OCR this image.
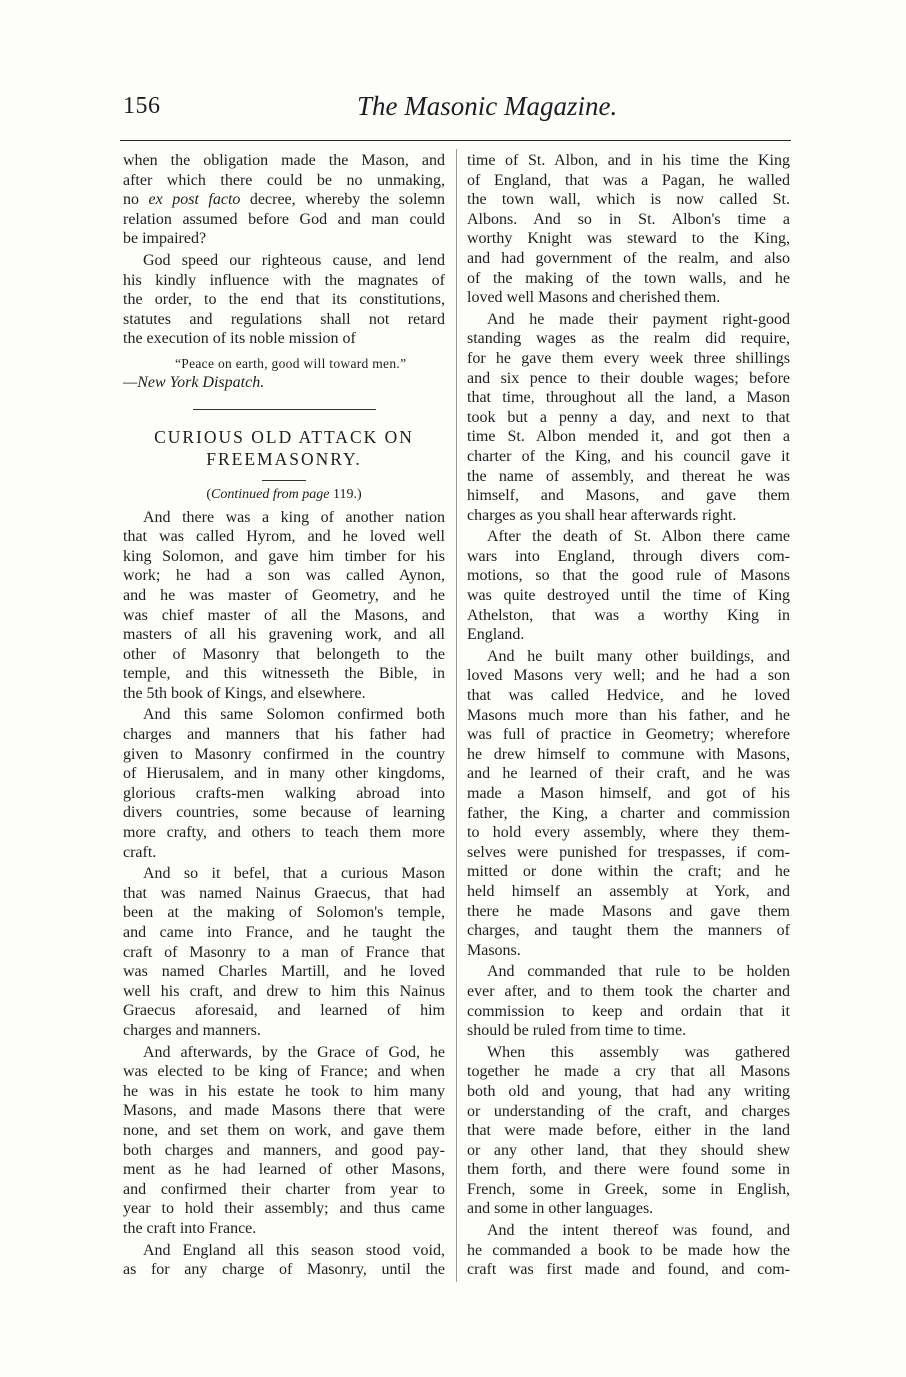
156	The Masonic Magazine.
when the obligation made the Mason, and
after which there could be no unmaking,
no ex post facto decree, whereby the solemn
relation assumed before God and man could
be impaired?
God speed our righteous cause, and lend
his kindly influence with the magnates of
the order, to the end that its constitutions,
statutes and regulations shall not retard
the execution of its noble mission of
“Peace on earth, good will toward men.”
—New York Dispatch.
CURIOUS OLD ATTACK ON
FREEMASONRY.
(Continued from page 119.)
And there was a king of another nation
that was called Hyrom, and he loved well
king Solomon, and gave him timber for his
work; he had a son was called Aynon,
and he was master of Geometry, and he
was chief master of all the Masons, and
masters of all his gravening work, and all
other of Masonry that belongeth to the
temple, and this witnesseth the Bible, in
the 5th book of Kings, and elsewhere.
And this same Solomon confirmed both
charges and manners that his father had
given to Masonry confirmed in the country
of Hierusalem, and in many other kingdoms,
glorious crafts-men walking abroad into
divers countries, some because of learning
more crafty, and others to teach them more
craft.
And so it befel, that a curious Mason
that was named Nainus Graecus, that had
been at the making of Solomon's temple,
and came into France, and he taught the
craft of Masonry to a man of France that
was named Charles Martill, and he loved
well his craft, and drew to him this Nainus
Graecus aforesaid, and learned of him
charges and manners.
And afterwards, by the Grace of God, he
was elected to be king of France; and when
he was in his estate he took to him many
Masons, and made Masons there that were
none, and set them on work, and gave them
both charges and manners, and good pay-
ment as he had learned of other Masons,
and confirmed their charter from year to
year to hold their assembly; and thus came
the craft into France.
And England all this season stood void,
as for any charge of Masonry, until the
time of St. Albon, and in his time the King
of England, that was a Pagan, he walled
the town wall, which is now called St.
Albons. And so in St. Albon's time a
worthy Knight was steward to the King,
and had government of the realm, and also
of the making of the town walls, and he
loved well Masons and cherished them.
And he made their payment right-good
standing wages as the realm did require,
for he gave them every week three shillings
and six pence to their double wages; before
that time, throughout all the land, a Mason
took but a penny a day, and next to that
time St. Albon mended it, and got then a
charter of the King, and his council gave it
the name of assembly, and thereat he was
himself, and Masons, and gave them
charges as you shall hear afterwards right.
After the death of St. Albon there came
wars into England, through divers com-
motions, so that the good rule of Masons
was quite destroyed until the time of King
Athelston, that was a worthy King in
England.
And he built many other buildings, and
loved Masons very well; and he had a son
that was called Hedvice, and he loved
Masons much more than his father, and he
was full of practice in Geometry; wherefore
he drew himself to commune with Masons,
and he learned of their craft, and he was
made a Mason himself, and got of his
father, the King, a charter and commission
to hold every assembly, where they them-
selves were punished for trespasses, if com-
mitted or done within the craft; and he
held himself an assembly at York, and
there he made Masons and gave them
charges, and taught them the manners of
Masons.
And commanded that rule to be holden
ever after, and to them took the charter and
commission to keep and ordain that it
should be ruled from time to time.
When this assembly was gathered
together he made a cry that all Masons
both old and young, that had any writing
or understanding of the craft, and charges
that were made before, either in the land
or any other land, that they should shew
them forth, and there were found some in
French, some in Greek, some in English,
and some in other languages.
And the intent thereof was found, and
he commanded a book to be made how the
craft was first made and found, and com-
